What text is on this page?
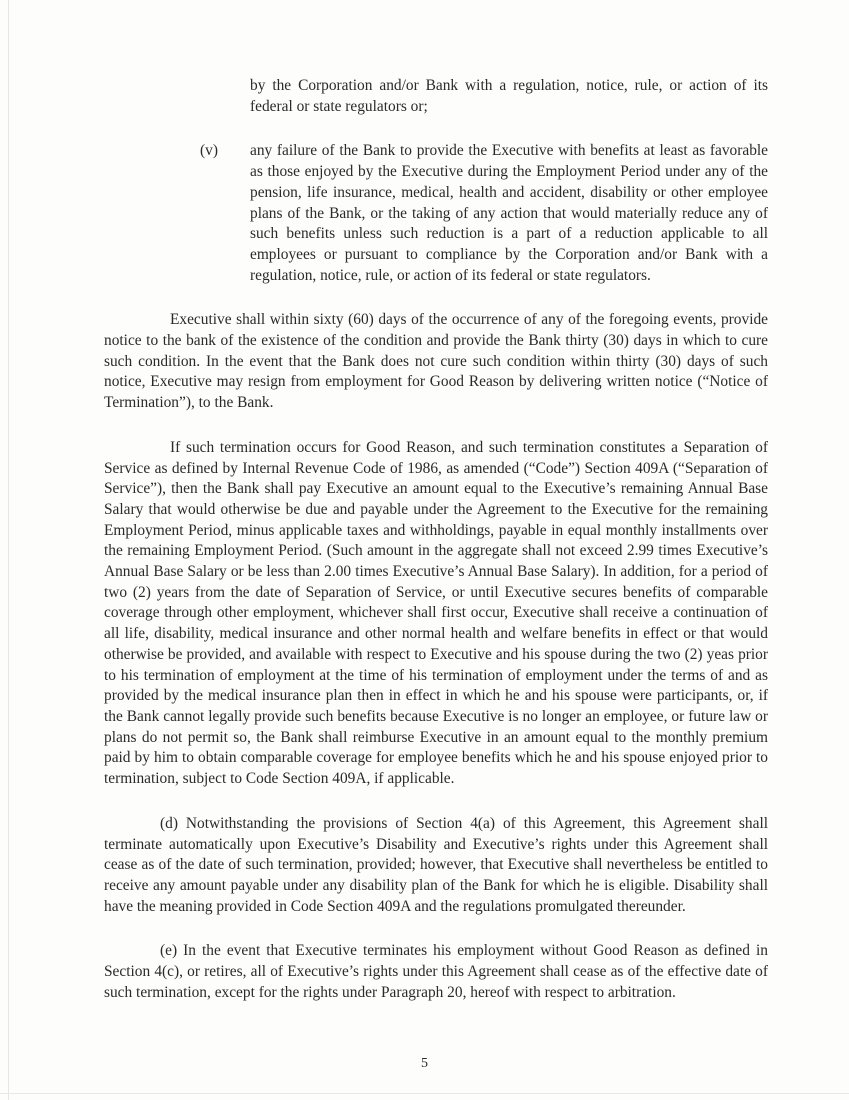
by the Corporation and/or Bank with a regulation, notice, rule, or action of its federal or state regulators or;

(v)	any failure of the Bank to provide the Executive with benefits at least as favorable as those enjoyed by the Executive during the Employment Period under any of the pension, life insurance, medical, health and accident, disability or other employee plans of the Bank, or the taking of any action that would materially reduce any of such benefits unless such reduction is a part of a reduction applicable to all employees or pursuant to compliance by the Corporation and/or Bank with a regulation, notice, rule, or action of its federal or state regulators.

Executive shall within sixty (60) days of the occurrence of any of the foregoing events, provide notice to the bank of the existence of the condition and provide the Bank thirty (30) days in which to cure such condition. In the event that the Bank does not cure such condition within thirty (30) days of such notice, Executive may resign from employment for Good Reason by delivering written notice (“Notice of Termination”), to the Bank.

If such termination occurs for Good Reason, and such termination constitutes a Separation of Service as defined by Internal Revenue Code of 1986, as amended (“Code”) Section 409A (“Separation of Service”), then the Bank shall pay Executive an amount equal to the Executive’s remaining Annual Base Salary that would otherwise be due and payable under the Agreement to the Executive for the remaining Employment Period, minus applicable taxes and withholdings, payable in equal monthly installments over the remaining Employment Period. (Such amount in the aggregate shall not exceed 2.99 times Executive’s Annual Base Salary or be less than 2.00 times Executive’s Annual Base Salary). In addition, for a period of two (2) years from the date of Separation of Service, or until Executive secures benefits of comparable coverage through other employment, whichever shall first occur, Executive shall receive a continuation of all life, disability, medical insurance and other normal health and welfare benefits in effect or that would otherwise be provided, and available with respect to Executive and his spouse during the two (2) yeas prior to his termination of employment at the time of his termination of employment under the terms of and as provided by the medical insurance plan then in effect in which he and his spouse were participants, or, if the Bank cannot legally provide such benefits because Executive is no longer an employee, or future law or plans do not permit so, the Bank shall reimburse Executive in an amount equal to the monthly premium paid by him to obtain comparable coverage for employee benefits which he and his spouse enjoyed prior to termination, subject to Code Section 409A, if applicable.

(d) Notwithstanding the provisions of Section 4(a) of this Agreement, this Agreement shall terminate automatically upon Executive’s Disability and Executive’s rights under this Agreement shall cease as of the date of such termination, provided; however, that Executive shall nevertheless be entitled to receive any amount payable under any disability plan of the Bank for which he is eligible. Disability shall have the meaning provided in Code Section 409A and the regulations promulgated thereunder.

(e) In the event that Executive terminates his employment without Good Reason as defined in Section 4(c), or retires, all of Executive’s rights under this Agreement shall cease as of the effective date of such termination, except for the rights under Paragraph 20, hereof with respect to arbitration.

5
